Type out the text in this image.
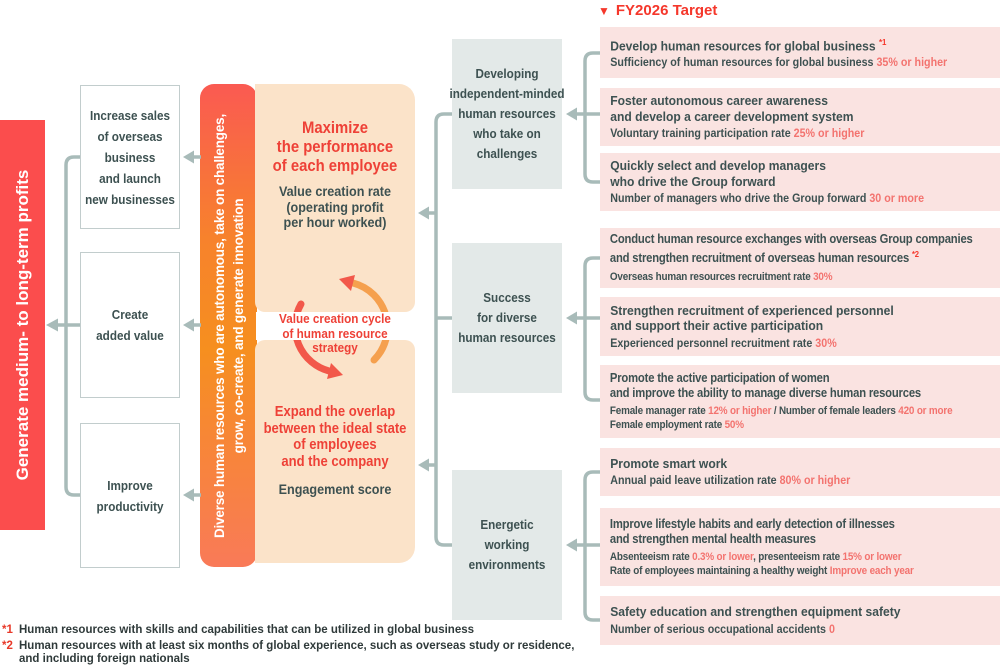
Generate medium- to long-term profits
Increase sales
of overseas
business
and launch
new businesses
Create
added value
Improve
productivity	Diverse human resources who are autonomous, take on challenges, grow, co-create, and generate innovation
Maximize
the performance
of each employee
Value creation rate
(operating profit
per hour worked)
Value creation cycle
of human resource strategy
Expand the overlap
between the ideal state
of employees
and the company
Engagement score
Developing
independent-minded
human resources
who take on
challenges
Success
for diverse
human resources
Energetic
working
environments
▼ FY2026 Target
Develop human resources for global business $^{*1}$
Sufficiency of human resources for global business 35% or higher
Foster autonomous career awareness
and develop a career development system
Voluntary training participation rate 25% or higher
Quickly select and develop managers
who drive the Group forward
Number of managers who drive the Group forward 30 or more
Conduct human resource exchanges with overseas Group companies
and strengthen recruitment of overseas human resources $^{*2}$
Overseas human resources recruitment rate 30%
Strengthen recruitment of experienced personnel
and support their active participation
Experienced personnel recruitment rate 30%
Promote the active participation of women
and improve the ability to manage diverse human resources
Female manager rate 12% or higher / Number of female leaders 420 or more
Female employment rate 50%
Promote smart work
Annual paid leave utilization rate 80% or higher
Improve lifestyle habits and early detection of illnesses
and strengthen mental health measures
Absenteeism rate 0.3% or lower, presenteeism rate 15% or lower
Rate of employees maintaining a healthy weight Improve each year
Safety education and strengthen equipment safety
Number of serious occupational accidents 0
*1 Human resources with skills and capabilities that can be utilized in global business
*2 Human resources with at least six months of global experience, such as overseas study or residence,
and including foreign nationals
